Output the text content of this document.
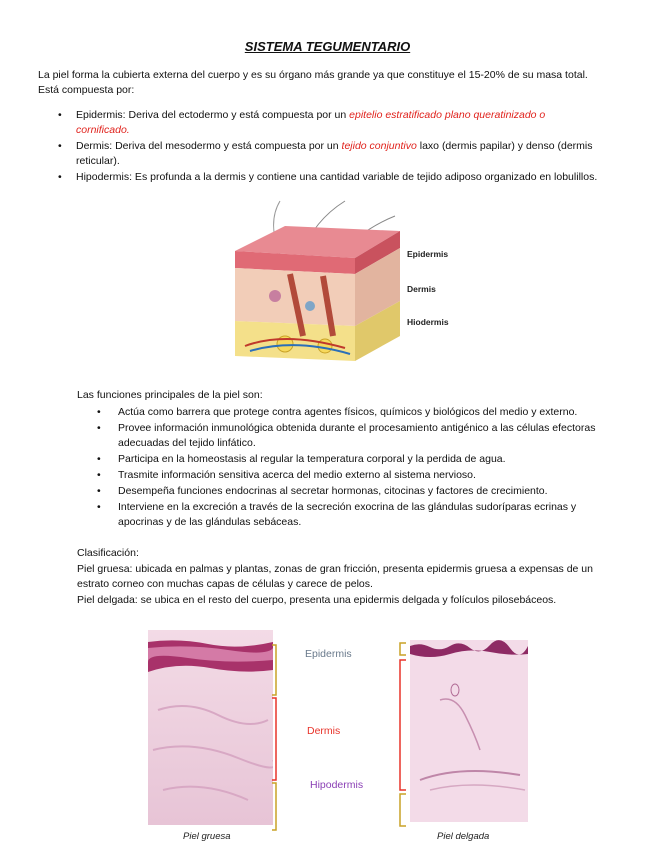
SISTEMA TEGUMENTARIO
La piel forma la cubierta externa del cuerpo y es su órgano más grande ya que constituye el 15-20% de su masa total.
Está compuesta por:
• Epidermis: Deriva del ectodermo y está compuesta por un epitelio estratificado plano queratinizado o
cornificado.
• Dermis: Deriva del mesodermo y está compuesta por un tejido conjuntivo laxo (dermis papilar) y denso (dermis
reticular).
• Hipodermis: Es profunda a la dermis y contiene una cantidad variable de tejido adiposo organizado en lobulillos.
Epidermis
Dermis
Hiodermis
Las funciones principales de la piel son:
• Actúa como barrera que protege contra agentes físicos, químicos y biológicos del medio y externo.
• Provee información inmunológica obtenida durante el procesamiento antigénico a las células efectoras
adecuadas del tejido linfático.
• Participa en la homeostasis al regular la temperatura corporal y la perdida de agua.
• Trasmite información sensitiva acerca del medio externo al sistema nervioso.
• Desempeña funciones endocrinas al secretar hormonas, citocinas y factores de crecimiento.
• Interviene en la excreción a través de la secreción exocrina de las glándulas sudoríparas ecrinas y
apocrinas y de las glándulas sebáceas.
Clasificación:
Piel gruesa: ubicada en palmas y plantas, zonas de gran fricción, presenta epidermis gruesa a expensas de un
estrato corneo con muchas capas de células y carece de pelos.
Piel delgada: se ubica en el resto del cuerpo, presenta una epidermis delgada y folículos pilosebáceos.
Epidermis
Dermis
Hipodermis
Piel gruesa	Piel delgada
